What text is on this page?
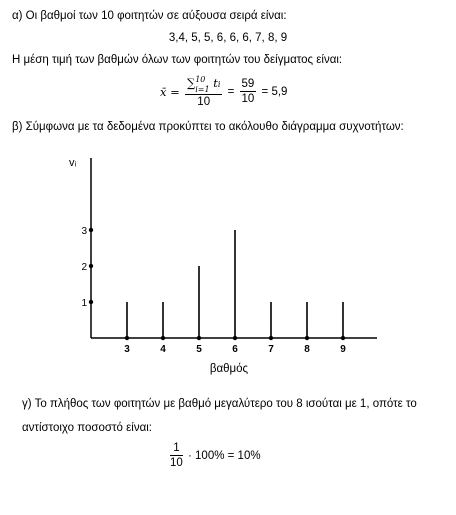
α) Οι βαθμοί των 10 φοιτητών σε αύξουσα σειρά είναι:
3,4, 5, 5, 6, 6, 6, 7, 8, 9
Η μέση τιμή των βαθμών όλων των φοιτητών του δείγματος είναι:
x̄ =
∑10
i=1 ti
10
= $\frac{59}{10} = 5,9$
β) Σύμφωνα με τα δεδομένα προκύπτει το ακόλουθο διάγραμμα συχνοτήτων:
vᵢ
βαθμός
1
2
3
3	4	5	6	7	8	9
γ) Το πλήθος των φοιτητών με βαθμό μεγαλύτερο του 8 ισούται με 1, οπότε το
αντίστοιχο ποσοστό είναι:
$\frac{1}{10} \cdot 100\% = 10\%$
